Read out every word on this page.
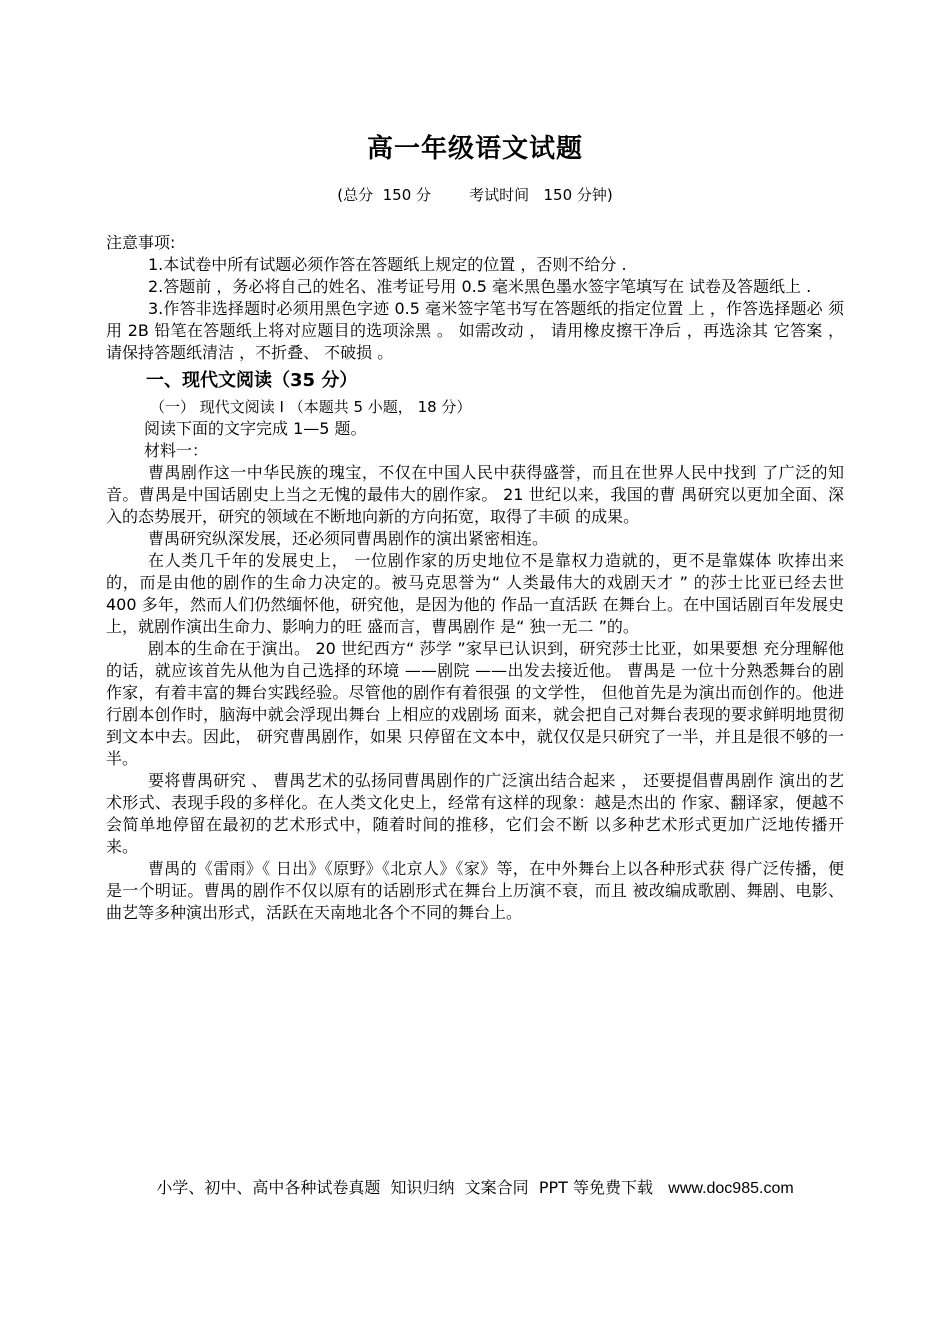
高一年级语文试题
(总分  150 分        考试时间   150 分钟)

注意事项:

1.本试卷中所有试题必须作答在答题纸上规定的位置 ，否则不给分 .

2.答题前 ，务必将自己的姓名、准考证号用 0.5 毫米黑色墨水签字笔填写在 试卷及答题纸上 .

3.作答非选择题时必须用黑色字迹 0.5 毫米签字笔书写在答题纸的指定位置 上 ，作答选择题必 须用 2B 铅笔在答题纸上将对应题目的选项涂黑 。 如需改动 ， 请用橡皮擦干净后 ，再选涂其 它答案 ，请保持答题纸清洁 ，不折叠、 不破损 。

一、现代文阅读（35 分）

（一） 现代文阅读 Ⅰ （本题共 5 小题， 18 分）

阅读下面的文字完成 1—5 题。

材料一：

曹禺剧作这一中华民族的瑰宝，不仅在中国人民中获得盛誉，而且在世界人民中找到 了广泛的知音。曹禺是中国话剧史上当之无愧的最伟大的剧作家。 21 世纪以来，我国的曹 禺研究以更加全面、深入的态势展开，研究的领域在不断地向新的方向拓宽，取得了丰硕 的成果。

曹禺研究纵深发展，还必须同曹禺剧作的演出紧密相连。

在人类几千年的发展史上， 一位剧作家的历史地位不是靠权力造就的，更不是靠媒体 吹捧出来的，而是由他的剧作的生命力决定的。被马克思誉为“ 人类最伟大的戏剧天才 ” 的莎士比亚已经去世 400 多年，然而人们仍然缅怀他，研究他，是因为他的 作品一直活跃 在舞台上。在中国话剧百年发展史上，就剧作演出生命力、影响力的旺 盛而言，曹禺剧作 是“ 独一无二 ”的。

剧本的生命在于演出。 20 世纪西方“ 莎学 ”家早已认识到，研究莎士比亚，如果要想 充分理解他的话，就应该首先从他为自己选择的环境 ——剧院 ——出发去接近他。 曹禺是 一位十分熟悉舞台的剧作家，有着丰富的舞台实践经验。尽管他的剧作有着很强 的文学性， 但他首先是为演出而创作的。他进行剧本创作时，脑海中就会浮现出舞台 上相应的戏剧场 面来，就会把自己对舞台表现的要求鲜明地贯彻到文本中去。因此， 研究曹禺剧作，如果 只停留在文本中，就仅仅是只研究了一半，并且是很不够的一半。

要将曹禺研究 、 曹禺艺术的弘扬同曹禺剧作的广泛演出结合起来 ， 还要提倡曹禺剧作 演出的艺术形式、表现手段的多样化。在人类文化史上，经常有这样的现象：越是杰出的 作家、翻译家，便越不会简单地停留在最初的艺术形式中，随着时间的推移，它们会不断 以多种艺术形式更加广泛地传播开来。

曹禺的《雷雨》《 日出》《原野》《北京人》《家》等，在中外舞台上以各种形式获 得广泛传播，便是一个明证。曹禺的剧作不仅以原有的话剧形式在舞台上历演不衰，而且 被改编成歌剧、舞剧、电影、曲艺等多种演出形式，活跃在天南地北各个不同的舞台上。

小学、初中、高中各种试卷真题  知识归纳  文案合同  PPT 等免费下载 www.doc985.com
